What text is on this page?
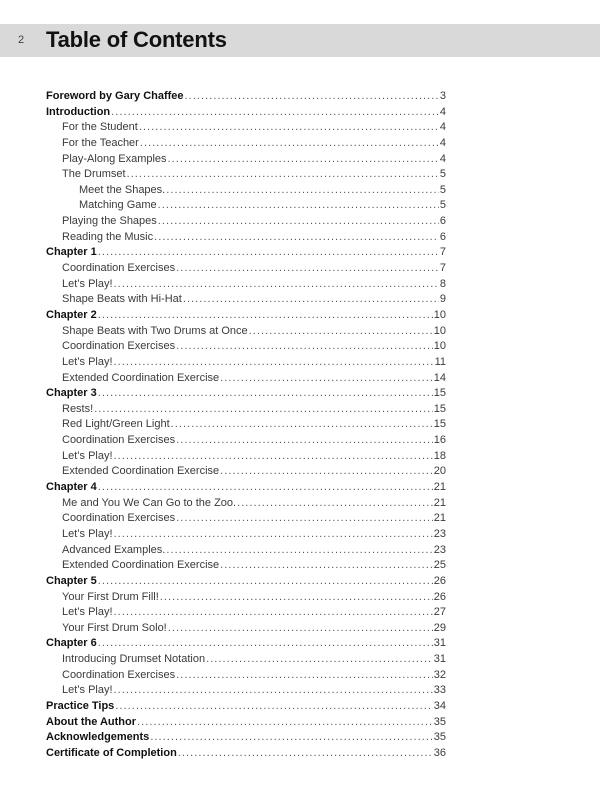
2 Table of Contents
Foreword by Gary Chaffee . . .	3
Introduction . . .	4
For the Student . . .	4
For the Teacher . . .	4
Play-Along Examples . . .	4
The Drumset . . .	5
Meet the Shapes. . . .	5
Matching Game . . .	5
Playing the Shapes . . .	6
Reading the Music . . .	6
Chapter 1 . . .	7
Coordination Exercises . . .	7
Let’s Play! . . .	8
Shape Beats with Hi-Hat . . .	9
Chapter 2 . . .	10
Shape Beats with Two Drums at Once . . .	10
Coordination Exercises . . .	10
Let’s Play! . . .	11
Extended Coordination Exercise . . .	14
Chapter 3 . . .	15
Rests! . . .	15
Red Light/Green Light . . .	15
Coordination Exercises . . .	16
Let’s Play! . . .	18
Extended Coordination Exercise . . .	20
Chapter 4 . . .	21
Me and You We Can Go to the Zoo. . . .	21
Coordination Exercises . . .	21
Let’s Play! . . .	23
Advanced Examples. . . .	23
Extended Coordination Exercise . . .	25
Chapter 5 . . .	26
Your First Drum Fill! . . .	26
Let’s Play! . . .	27
Your First Drum Solo! . . .	29
Chapter 6 . . .	31
Introducing Drumset Notation . . .	31
Coordination Exercises . . .	32
Let’s Play! . . .	33
Practice Tips . . .	34
About the Author . . .	35
Acknowledgements . . .	35
Certificate of Completion . . .	36
